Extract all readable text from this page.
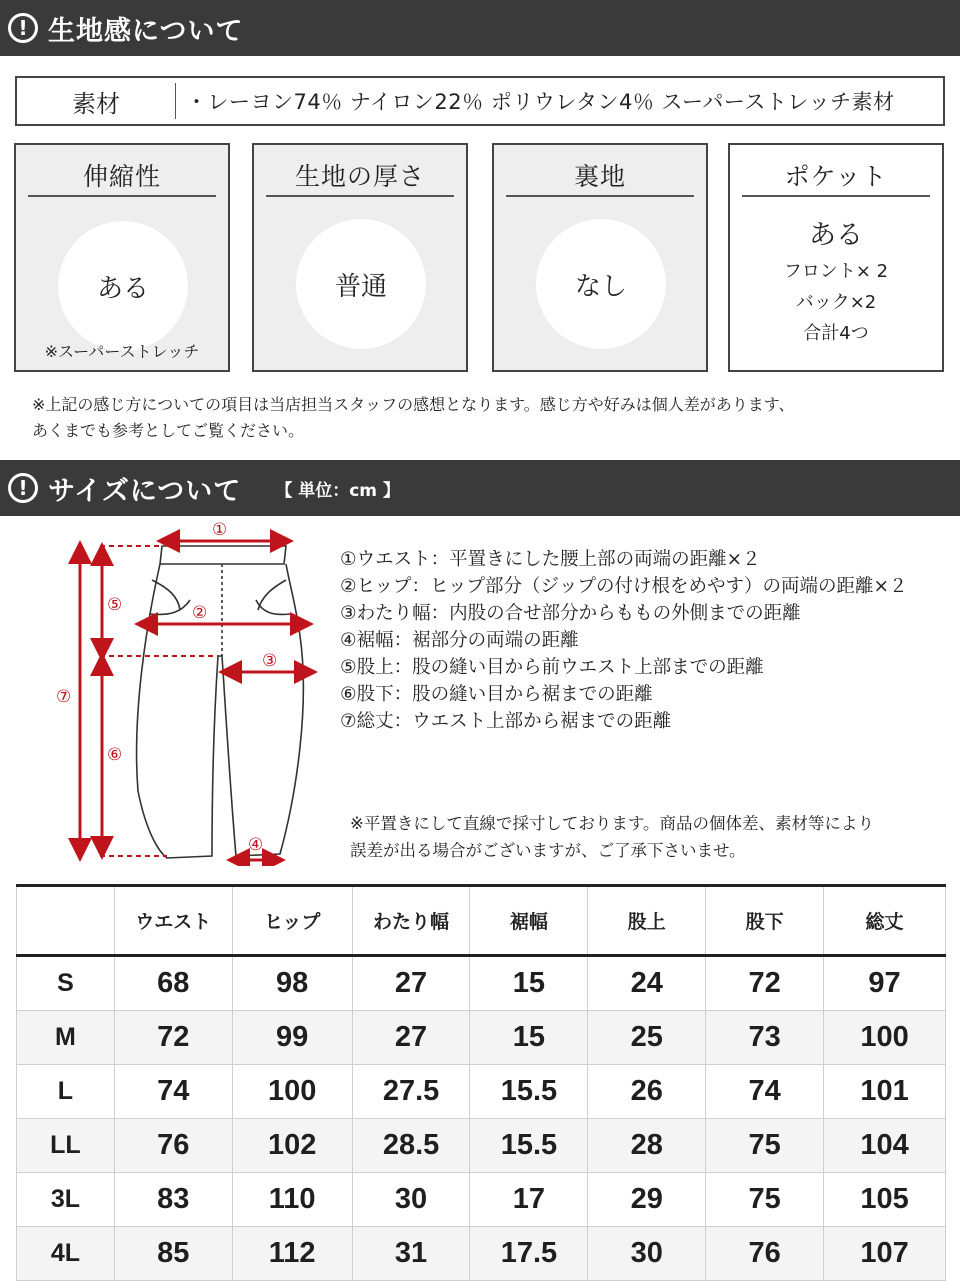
! 生地感について
素材	・レーヨン74％ ナイロン22％ ポリウレタン4％ スーパーストレッチ素材
伸縮性
ある
※スーパーストレッチ
生地の厚さ
普通
裏地
なし
ポケット
ある
フロント× 2
バック×2
合計4つ
※上記の感じ方についての項目は当店担当スタッフの感想となります。感じ方や好みは個人差があります、
あくまでも参考としてご覧ください。
! サイズについて 【 単位：cm 】
①
②
③
④
⑤
⑥
⑦
①ウエスト：平置きにした腰上部の両端の距離×２
②ヒップ：ヒップ部分（ジップの付け根をめやす）の両端の距離×２
③わたり幅：内股の合せ部分からももの外側までの距離
④裾幅：裾部分の両端の距離
⑤股上：股の縫い目から前ウエスト上部までの距離
⑥股下：股の縫い目から裾までの距離
⑦総丈：ウエスト上部から裾までの距離
※平置きにして直線で採寸しております。商品の個体差、素材等により
誤差が出る場合がございますが、ご了承下さいませ。
	ウエスト	ヒップ	わたり幅	裾幅	股上	股下	総丈
S	68	98	27	15	24	72	97
M	72	99	27	15	25	73	100
L	74	100	27.5	15.5	26	74	101
LL	76	102	28.5	15.5	28	75	104
3L	83	110	30	17	29	75	105
4L	85	112	31	17.5	30	76	107
